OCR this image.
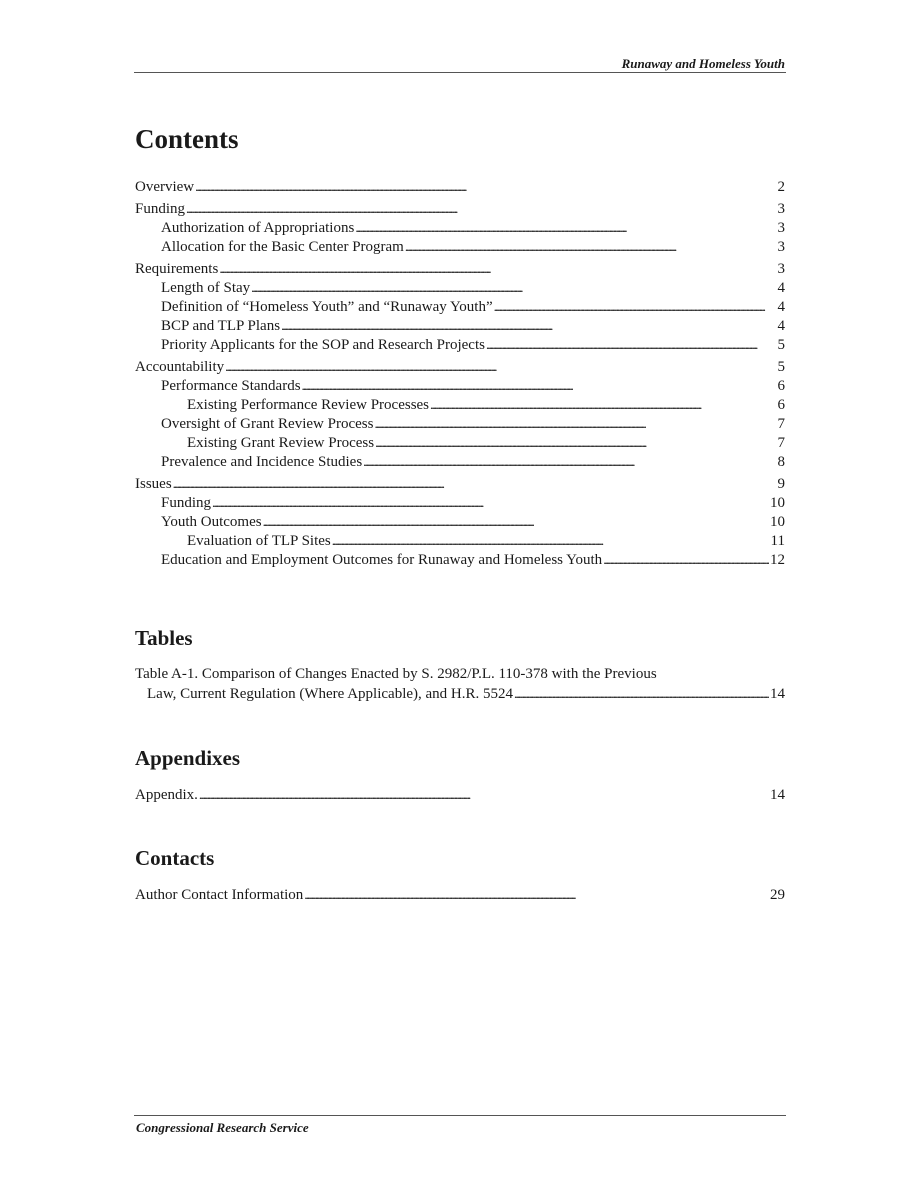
Runaway and Homeless Youth
Contents
Overview . . .	2
Funding . . .	3
Authorization of Appropriations . . .	3
Allocation for the Basic Center Program . . .	3
Requirements . . .	3
Length of Stay . . .	4
Definition of “Homeless Youth” and “Runaway Youth” . . .	4
BCP and TLP Plans . . .	4
Priority Applicants for the SOP and Research Projects . . .	5
Accountability . . .	5
Performance Standards . . .	6
Existing Performance Review Processes . . .	6
Oversight of Grant Review Process . . .	7
Existing Grant Review Process . . .	7
Prevalence and Incidence Studies . . .	8
Issues . . .	9
Funding . . .	10
Youth Outcomes . . .	10
Evaluation of TLP Sites . . .	11
Education and Employment Outcomes for Runaway and Homeless Youth . . .	12
Tables
Table A-1. Comparison of Changes Enacted by S. 2982/P.L. 110-378 with the Previous
Law, Current Regulation (Where Applicable), and H.R. 5524 . . .	14
Appendixes
Appendix. . . .	14
Contacts
Author Contact Information . . .	29
Congressional Research Service
